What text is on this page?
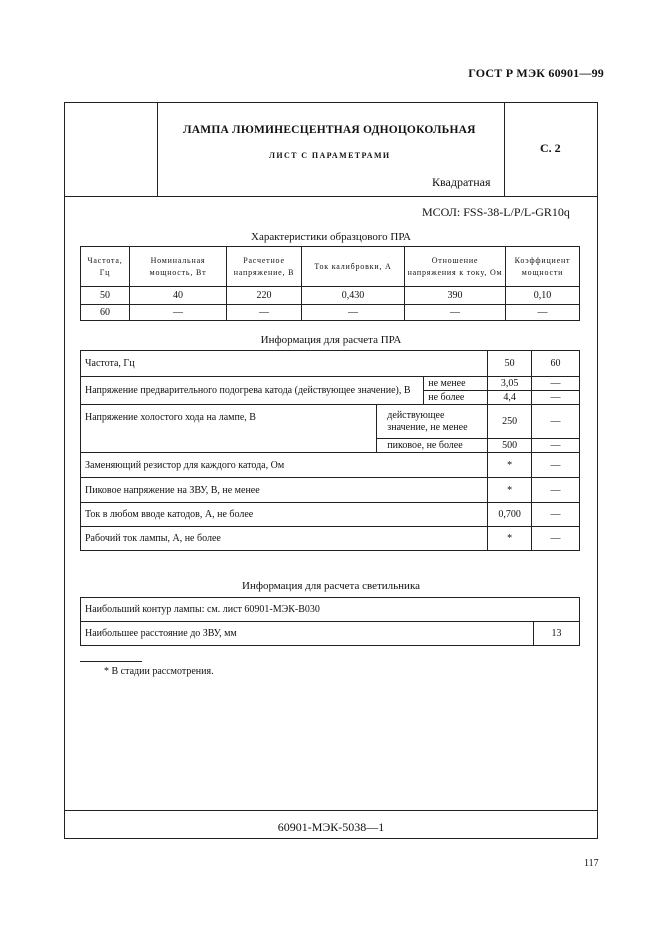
ГОСТ Р МЭК 60901—99
ЛАМПА ЛЮМИНЕСЦЕНТНАЯ ОДНОЦОКОЛЬНАЯ
ЛИСТ С ПАРАМЕТРАМИ
Квадратная
С. 2
МСОЛ: FSS-38-L/P/L-GR10q
Характеристики образцового ПРА
Частота, Гц	Номинальная мощность, Вт	Расчетное напряжение, В	Ток калибровки, А	Отношение напряжения к току, Ом	Коэффициент мощности
50	40	220	0,430	390	0,10
60	—	—	—	—	—
Информация для расчета ПРА
Частота, Гц			50	60
Напряжение предварительного подогрева катода (действующее значение), В		не менее	3,05	—
		не более	4,4	—
Напряжение холостого хода на лампе, В	действующее значение, не менее		250	—
	пиковое, не более		500	—
Заменяющий резистор для каждого катода, Ом			*	—
Пиковое напряжение на ЗВУ, В, не менее			*	—
Ток в любом вводе катодов, А, не более			0,700	—
Рабочий ток лампы, А, не более			*	—
Информация для расчета светильника
Наибольший контур лампы: см. лист 60901-МЭК-В030
Наибольшее расстояние до ЗВУ, мм	13
* В стадии рассмотрения.
60901-МЭК-5038—1
117
